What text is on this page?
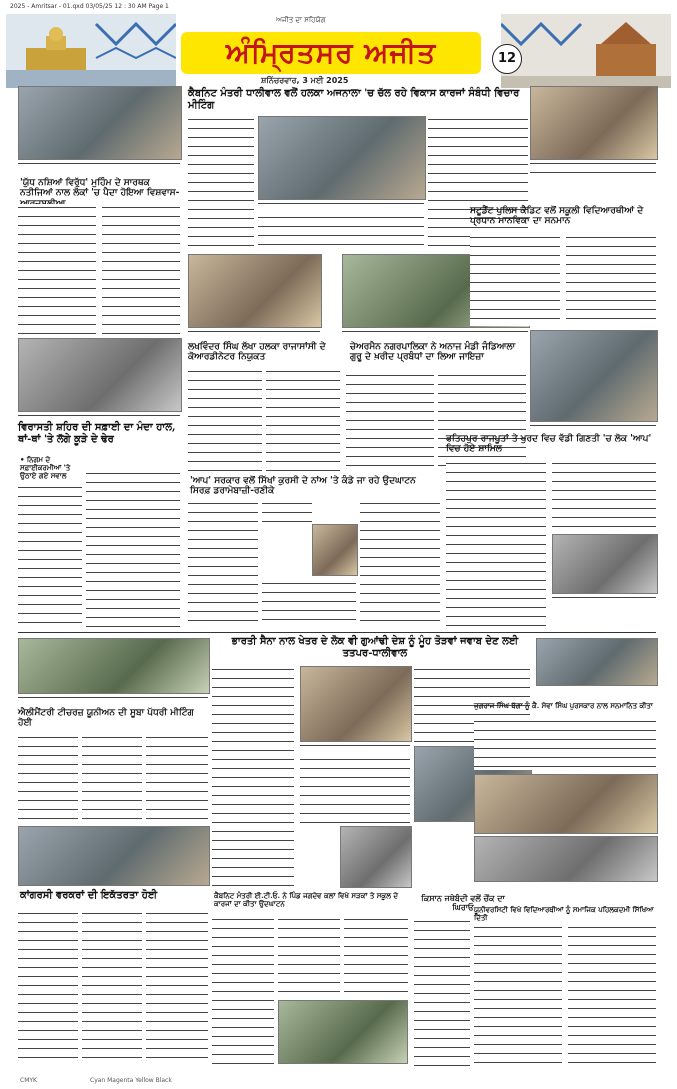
2025 - Amritsar - 01.qxd 03/05/25 12 : 30 AM Page 1
ਅਜੀਤ ਦਾ ਸਹਿਯੋਗ
ਅੰਮ੍ਰਿਤਸਰ ਅਜੀਤ
ਸ਼ਨਿੱਚਰਵਾਰ, 3 ਮਈ 2025
12
'ਯੁੱਧ ਨਸ਼ਿਆਂ ਵਿਰੁੱਧ' ਮੁਹਿੰਮ ਦੇ ਸਾਰਥਕ ਨਤੀਜਿਆਂ ਨਾਲ ਲੋਕਾਂ 'ਚ ਪੈਦਾ ਹੋਇਆ ਵਿਸ਼ਵਾਸ-
ਵਿਰਾਸਤੀ ਸ਼ਹਿਰ ਦੀ ਸਫ਼ਾਈ ਦਾ ਮੰਦਾ ਹਾਲ, ਥਾਂ-ਥਾਂ 'ਤੇ ਲੱਗੇ ਕੂੜੇ ਦੇ ਢੇਰ
• ਨਿਗਮ ਦੇ ਸਫ਼ਾਈਕਰਮੀਆਂ 'ਤੇ ਉਠਾਏ ਗਏ ਸਵਾਲ
ਕੈਬਨਿਟ ਮੰਤਰੀ ਧਾਲੀਵਾਲ ਵਲੋਂ ਹਲਕਾ ਅਜਨਾਲਾ 'ਚ ਚੱਲ ਰਹੇ ਵਿਕਾਸ ਕਾਰਜਾਂ ਸੰਬੰਧੀ ਵਿਚਾਰ ਮੀਟਿੰਗ
ਲਖਵਿੰਦਰ ਸਿੰਘ ਲੱਖਾ ਹਲਕਾ ਰਾਜਾਸਾਂਸੀ ਦੇ ਕੋਆਰਡੀਨੇਟਰ ਨਿਯੁਕਤ
ਚੇਅਰਮੈਨ ਨਗਰਪਾਲਿਕਾ ਨੇ ਅਨਾਜ ਮੰਡੀ ਜੰਡਿਆਲਾ ਗੁਰੂ ਦੇ ਖ਼ਰੀਦ ਪ੍ਰਬੰਧਾਂ ਦਾ ਲਿਆ ਜਾਇਜ਼ਾ
'ਆਪ' ਸਰਕਾਰ ਵਲੋਂ ਸਿੱਖਾਂ ਕੁਰਸੀ ਦੇ ਨਾਂਅ 'ਤੇ ਕੰਡੇ ਜਾ ਰਹੇ ਉਦਘਾਟਨ ਸਿਰਫ਼ ਡਰਾਮੇਬਾਜ਼ੀ-ਰਣੀਕੇ
ਸਟੂਡੈਂਟ ਪੁਲਿਸ ਕੈਡਿਟ ਵਲੋਂ ਸਕੂਲੀ ਵਿਦਿਆਰਥੀਆਂ ਦੇ ਪ੍ਰਧਾਨ ਮਾਨਵਿਕਾ ਦਾ ਸਨਮਾਨ
ਫਤਿਹਪੁਰ ਰਾਜਪੂਤਾਂ ਤੇ ਖੁਰਦ ਵਿਚ ਵੱਡੀ ਗਿਣਤੀ 'ਚ ਲੋਕ 'ਆਪ' ਵਿਚ ਹੋਏ ਸ਼ਾਮਿਲ
ਐਲੀਮੈਂਟਰੀ ਟੀਚਰਜ਼ ਯੂਨੀਅਨ ਦੀ ਸੂਬਾ ਪੱਧਰੀ ਮੀਟਿੰਗ ਹੋਈ
ਕਾਂਗਰਸੀ ਵਰਕਰਾਂ ਦੀ ਇਕੱਤਰਤਾ ਹੋਈ
ਭਾਰਤੀ ਸੈਨਾ ਨਾਲ ਖੇਤਰ ਦੇ ਲੋਕ ਵੀ ਗੁਆਂਢੀ ਦੇਸ਼ ਨੂੰ ਮੂੰਹ ਤੋੜਵਾਂ ਜਵਾਬ ਦੇਣ ਲਈ ਤਤਪਰ-ਧਾਲੀਵਾਲ
ਕਿਸਾਨ ਜਥੇਬੰਦੀ ਵਲੋਂ ਚੌਂਕ ਦਾ ਘਿਰਾਓ
ਕੈਬਨਿਟ ਮੰਤਰੀ ਈ.ਟੀ.ਓ. ਨੇ ਪਿੰਡ ਜਗਦੇਵ ਕਲਾਂ ਵਿਖੇ ਸੜਕਾਂ ਤੇ ਸਕੂਲ ਦੇ ਕਾਰਜਾਂ ਦਾ ਕੀਤਾ ਉਦਘਾਟਨ
ਜੁਗਰਾਜ ਸਿੰਘ ਬੱਗਾ ਨੂੰ ਕੈ. ਸੇਵਾ ਸਿੰਘ ਪੁਰਸਕਾਰ ਨਾਲ ਸਨਮਾਨਿਤ ਕੀਤਾ
ਯੂਨੀਵਰਸਿਟੀ ਵਿਖੇ ਵਿਦਿਆਰਥੀਆਂ ਨੂੰ ਸਮਾਜਿਕ ਪਹਿਲਕਦਮੀ ਸਿੱਖਿਆ ਦਿੱਤੀ
CMYK	Cyan Magenta Yellow Black
